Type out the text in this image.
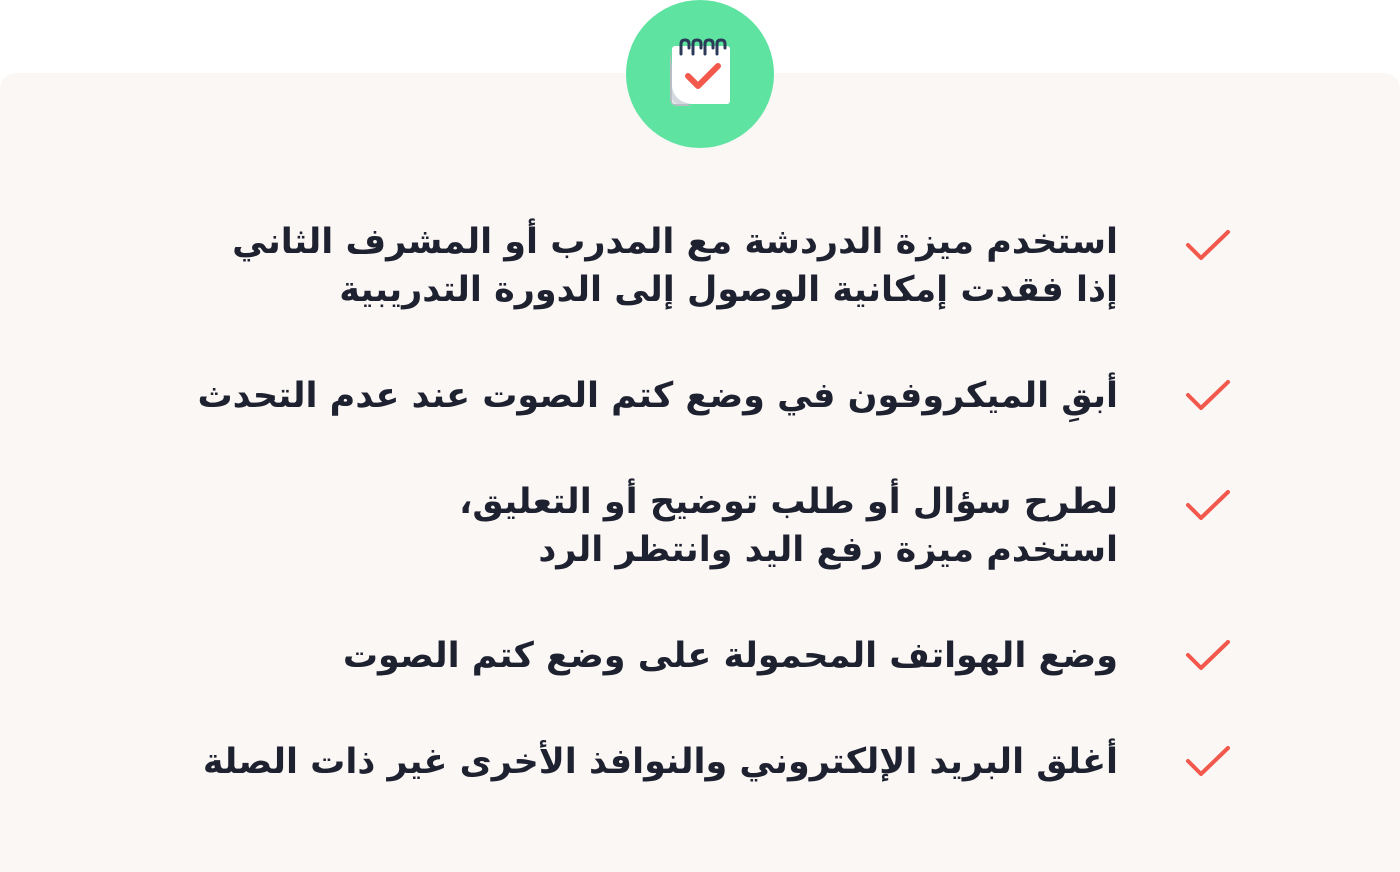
استخدم ميزة الدردشة مع المدرب أو المشرف الثاني
إذا فقدت إمكانية الوصول إلى الدورة التدريبية

أبقِ الميكروفون في وضع كتم الصوت عند عدم التحدث

لطرح سؤال أو طلب توضيح أو التعليق،
استخدم ميزة رفع اليد وانتظر الرد

وضع الهواتف المحمولة على وضع كتم الصوت

أغلق البريد الإلكتروني والنوافذ الأخرى غير ذات الصلة
